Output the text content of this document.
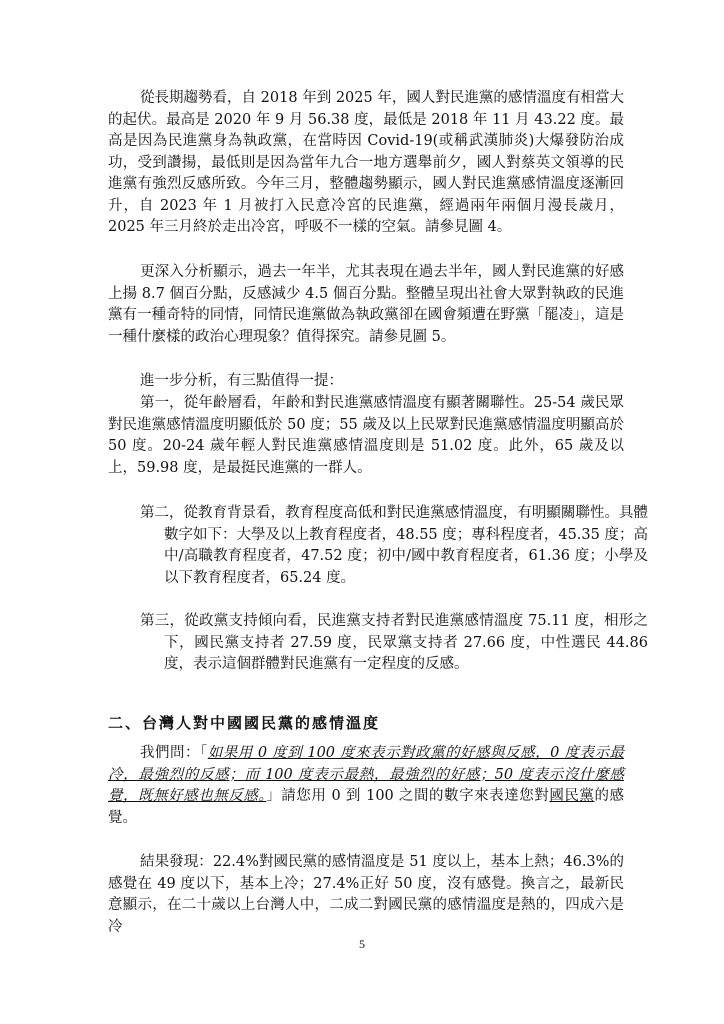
從長期趨勢看，自 2018 年到 2025 年，國人對民進黨的感情溫度有相當大的起伏。最高是 2020 年 9 月 56.38 度，最低是 2018 年 11 月 43.22 度。最高是因為民進黨身為執政黨，在當時因 Covid-19(或稱武漢肺炎)大爆發防治成功，受到讚揚，最低則是因為當年九合一地方選舉前夕，國人對蔡英文領導的民進黨有強烈反感所致。今年三月，整體趨勢顯示，國人對民進黨感情溫度逐漸回升，自 2023 年 1 月被打入民意冷宮的民進黨，經過兩年兩個月漫長歲月，2025 年三月終於走出冷宮，呼吸不一樣的空氣。請參見圖 4。

更深入分析顯示，過去一年半，尤其表現在過去半年，國人對民進黨的好感上揚 8.7 個百分點，反感減少 4.5 個百分點。整體呈現出社會大眾對執政的民進黨有一種奇特的同情，同情民進黨做為執政黨卻在國會頻遭在野黨「罷凌」，這是一種什麼樣的政治心理現象？值得探究。請參見圖 5。

進一步分析，有三點值得一提：

第一，從年齡層看，年齡和對民進黨感情溫度有顯著關聯性。25-54 歲民眾對民進黨感情溫度明顯低於 50 度；55 歲及以上民眾對民進黨感情溫度明顯高於 50 度。20-24 歲年輕人對民進黨感情溫度則是 51.02 度。此外，65 歲及以上，59.98 度，是最挺民進黨的一群人。

第二，從教育背景看，教育程度高低和對民進黨感情溫度，有明顯關聯性。具體數字如下：大學及以上教育程度者，48.55 度；專科程度者，45.35 度；高中/高職教育程度者，47.52 度；初中/國中教育程度者，61.36 度；小學及以下教育程度者，65.24 度。

第三，從政黨支持傾向看，民進黨支持者對民進黨感情溫度 75.11 度，相形之下，國民黨支持者 27.59 度，民眾黨支持者 27.66 度，中性選民 44.86 度，表示這個群體對民進黨有一定程度的反感。

二、台灣人對中國國民黨的感情溫度

我們問：「如果用 0 度到 100 度來表示對政黨的好感與反感，0 度表示最冷，最強烈的反感；而 100 度表示最熱，最強烈的好感；50 度表示沒什麼感覺，既無好感也無反感。」請您用 0 到 100 之間的數字來表達您對國民黨的感覺。

結果發現：22.4%對國民黨的感情溫度是 51 度以上，基本上熱；46.3%的感覺在 49 度以下，基本上冷；27.4%正好 50 度，沒有感覺。換言之，最新民意顯示，在二十歲以上台灣人中，二成二對國民黨的感情溫度是熱的，四成六是冷

5
